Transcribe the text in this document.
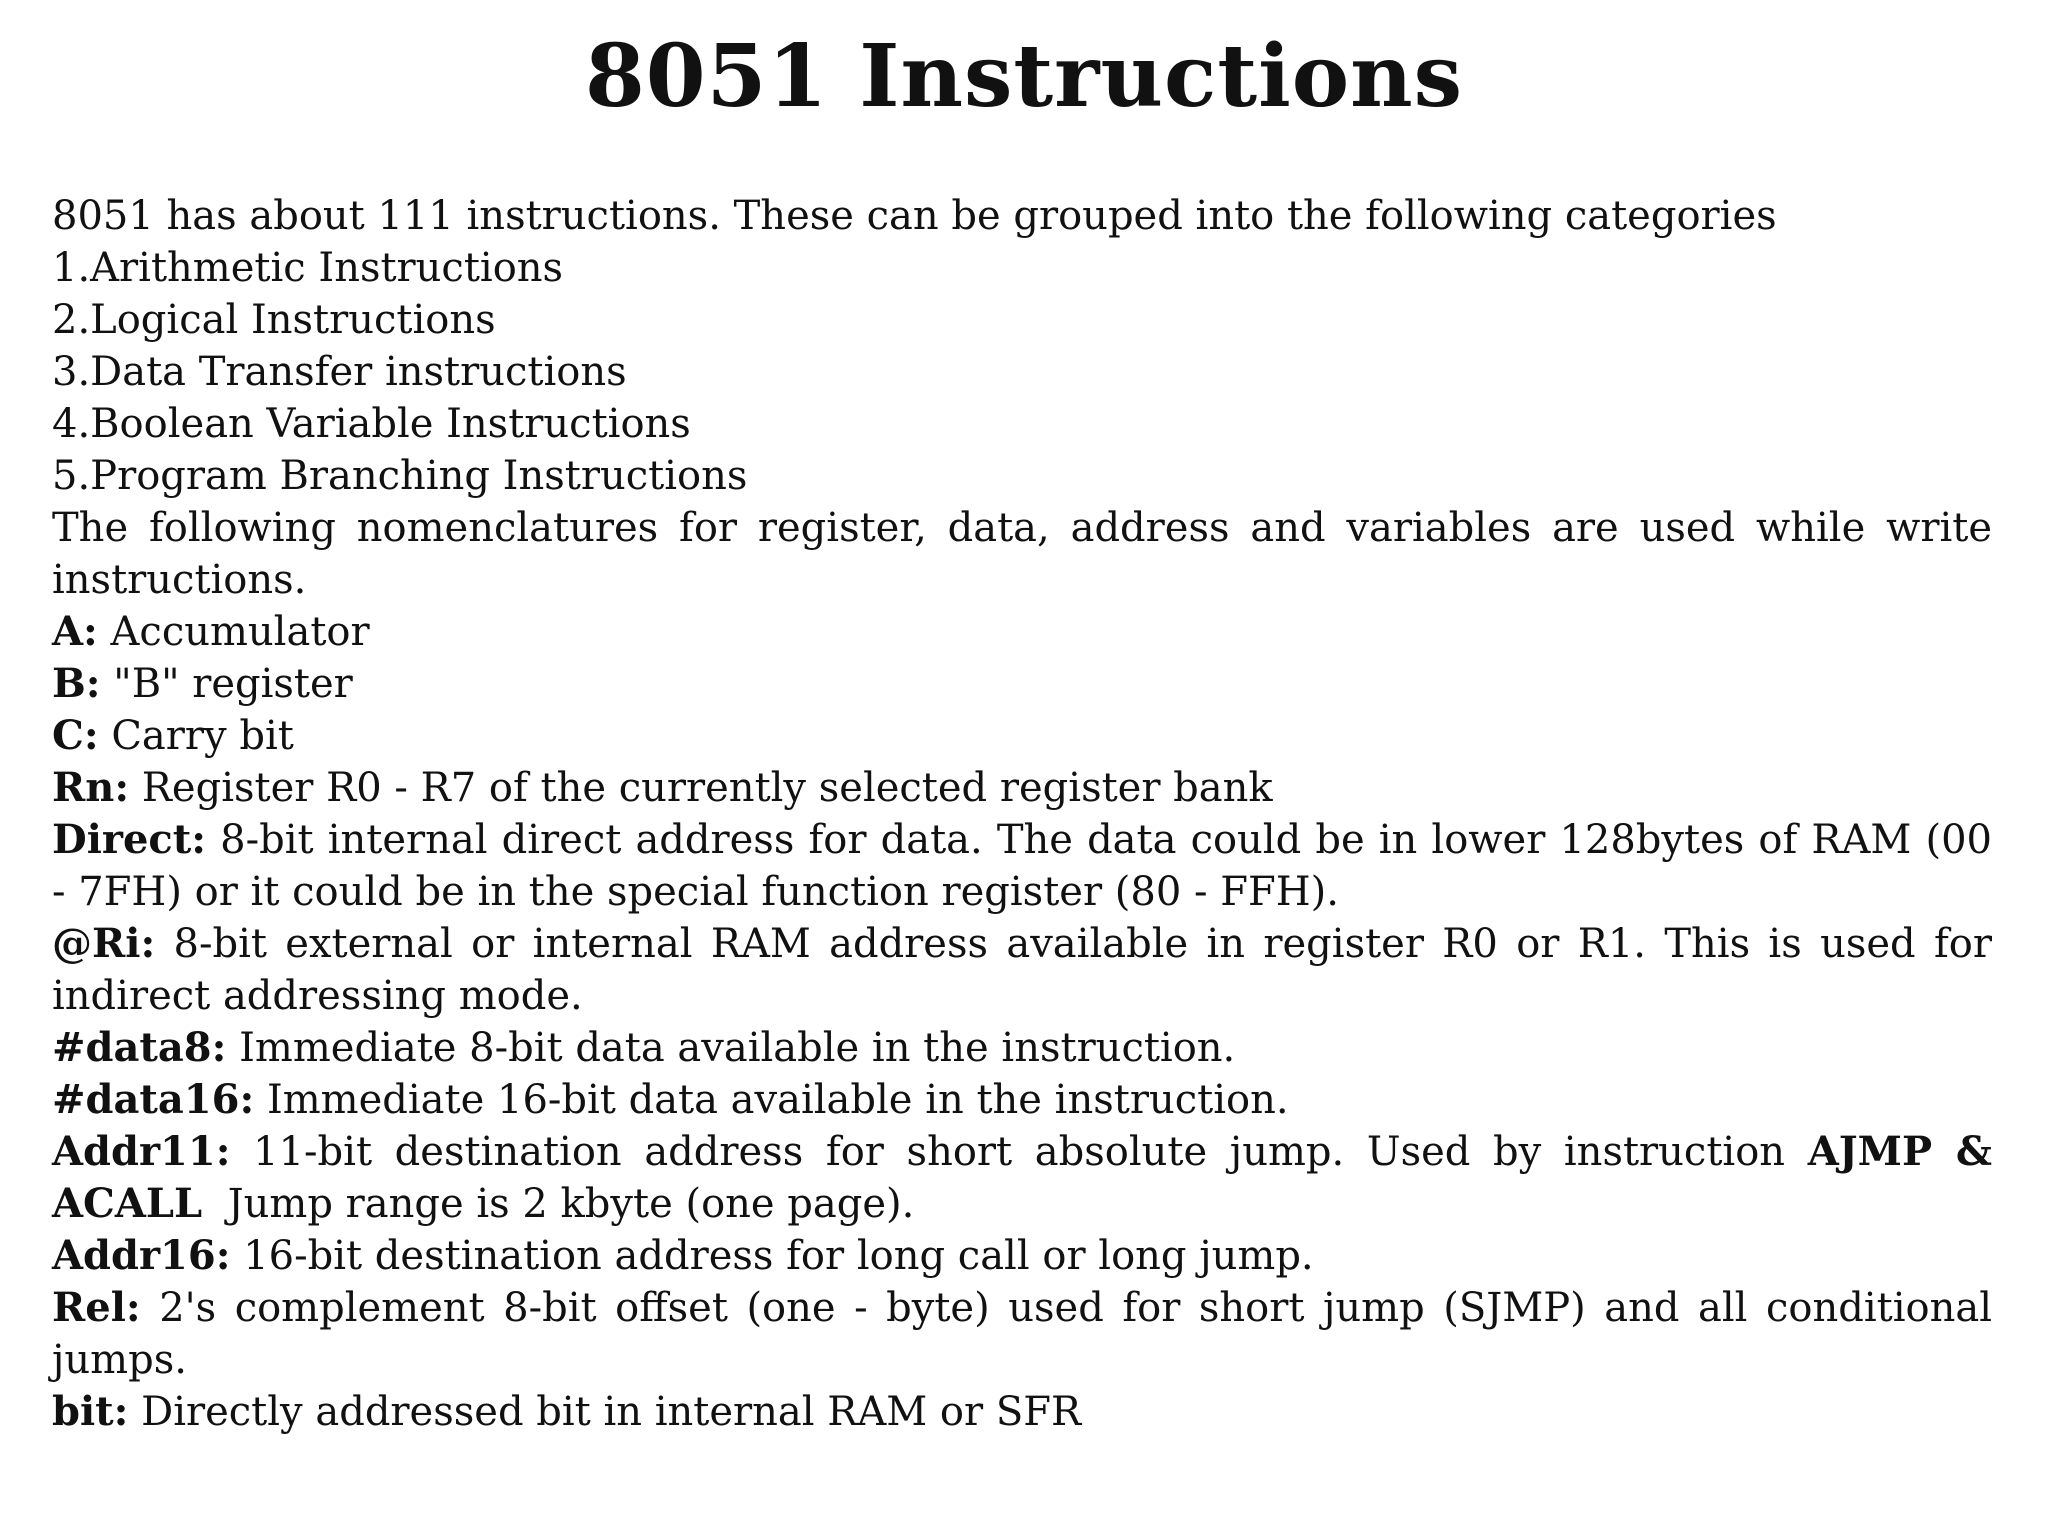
8051 Instructions

8051 has about 111 instructions. These can be grouped into the following categories

1.Arithmetic Instructions

2.Logical Instructions

3.Data Transfer instructions

4.Boolean Variable Instructions

5.Program Branching Instructions

The following nomenclatures for register, data, address and variables are used while write instructions.

A: Accumulator

B: "B" register

C: Carry bit

Rn: Register R0 - R7 of the currently selected register bank

Direct: 8-bit internal direct address for data. The data could be in lower 128bytes of RAM (00 - 7FH) or it could be in the special function register (80 - FFH).

@Ri: 8-bit external or internal RAM address available in register R0 or R1. This is used for indirect addressing mode.

#data8: Immediate 8-bit data available in the instruction.

#data16: Immediate 16-bit data available in the instruction.

Addr11: 11-bit destination address for short absolute jump. Used by instruction AJMP & ACALL  Jump range is 2 kbyte (one page).

Addr16: 16-bit destination address for long call or long jump.

Rel: 2's complement 8-bit offset (one - byte) used for short jump (SJMP) and all conditional jumps.

bit: Directly addressed bit in internal RAM or SFR
